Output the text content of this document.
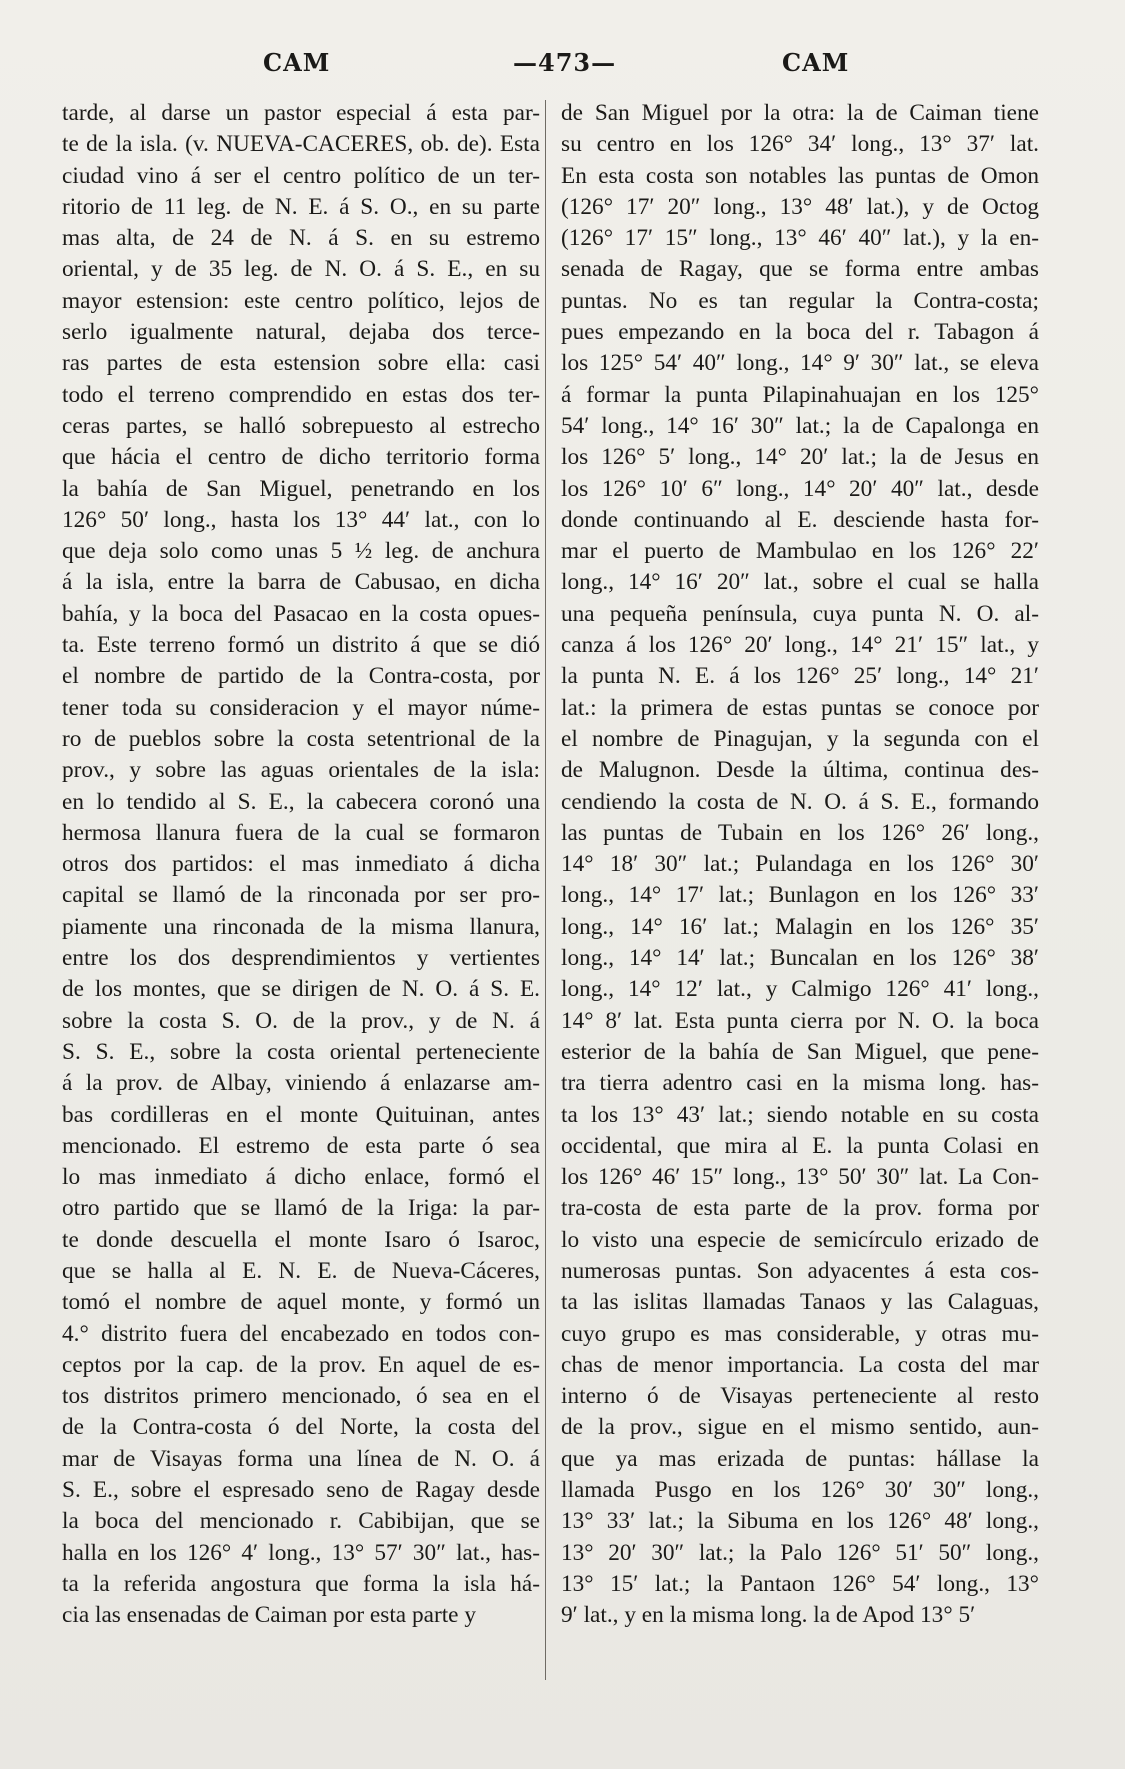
CAM	—473—	CAM
tarde, al darse un pastor especial á esta par-
te de la isla. (v. NUEVA-CACERES, ob. de). Esta
ciudad vino á ser el centro político de un ter-
ritorio de 11 leg. de N. E. á S. O., en su parte
mas alta, de 24 de N. á S. en su estremo
oriental, y de 35 leg. de N. O. á S. E., en su
mayor estension: este centro político, lejos de
serlo igualmente natural, dejaba dos terce-
ras partes de esta estension sobre ella: casi
todo el terreno comprendido en estas dos ter-
ceras partes, se halló sobrepuesto al estrecho
que hácia el centro de dicho territorio forma
la bahía de San Miguel, penetrando en los
126° 50′ long., hasta los 13° 44′ lat., con lo
que deja solo como unas 5 ½ leg. de anchura
á la isla, entre la barra de Cabusao, en dicha
bahía, y la boca del Pasacao en la costa opues-
ta. Este terreno formó un distrito á que se dió
el nombre de partido de la Contra-costa, por
tener toda su consideracion y el mayor núme-
ro de pueblos sobre la costa setentrional de la
prov., y sobre las aguas orientales de la isla:
en lo tendido al S. E., la cabecera coronó una
hermosa llanura fuera de la cual se formaron
otros dos partidos: el mas inmediato á dicha
capital se llamó de la rinconada por ser pro-
piamente una rinconada de la misma llanura,
entre los dos desprendimientos y vertientes
de los montes, que se dirigen de N. O. á S. E.
sobre la costa S. O. de la prov., y de N. á
S. S. E., sobre la costa oriental perteneciente
á la prov. de Albay, viniendo á enlazarse am-
bas cordilleras en el monte Quituinan, antes
mencionado. El estremo de esta parte ó sea
lo mas inmediato á dicho enlace, formó el
otro partido que se llamó de la Iriga: la par-
te donde descuella el monte Isaro ó Isaroc,
que se halla al E. N. E. de Nueva-Cáceres,
tomó el nombre de aquel monte, y formó un
4.° distrito fuera del encabezado en todos con-
ceptos por la cap. de la prov. En aquel de es-
tos distritos primero mencionado, ó sea en el
de la Contra-costa ó del Norte, la costa del
mar de Visayas forma una línea de N. O. á
S. E., sobre el espresado seno de Ragay desde
la boca del mencionado r. Cabibijan, que se
halla en los 126° 4′ long., 13° 57′ 30″ lat., has-
ta la referida angostura que forma la isla há-
cia las ensenadas de Caiman por esta parte y
de San Miguel por la otra: la de Caiman tiene
su centro en los 126° 34′ long., 13° 37′ lat.
En esta costa son notables las puntas de Omon
(126° 17′ 20″ long., 13° 48′ lat.), y de Octog
(126° 17′ 15″ long., 13° 46′ 40″ lat.), y la en-
senada de Ragay, que se forma entre ambas
puntas. No es tan regular la Contra-costa;
pues empezando en la boca del r. Tabagon á
los 125° 54′ 40″ long., 14° 9′ 30″ lat., se eleva
á formar la punta Pilapinahuajan en los 125°
54′ long., 14° 16′ 30″ lat.; la de Capalonga en
los 126° 5′ long., 14° 20′ lat.; la de Jesus en
los 126° 10′ 6″ long., 14° 20′ 40″ lat., desde
donde continuando al E. desciende hasta for-
mar el puerto de Mambulao en los 126° 22′
long., 14° 16′ 20″ lat., sobre el cual se halla
una pequeña península, cuya punta N. O. al-
canza á los 126° 20′ long., 14° 21′ 15″ lat., y
la punta N. E. á los 126° 25′ long., 14° 21′
lat.: la primera de estas puntas se conoce por
el nombre de Pinagujan, y la segunda con el
de Malugnon. Desde la última, continua des-
cendiendo la costa de N. O. á S. E., formando
las puntas de Tubain en los 126° 26′ long.,
14° 18′ 30″ lat.; Pulandaga en los 126° 30′
long., 14° 17′ lat.; Bunlagon en los 126° 33′
long., 14° 16′ lat.; Malagin en los 126° 35′
long., 14° 14′ lat.; Buncalan en los 126° 38′
long., 14° 12′ lat., y Calmigo 126° 41′ long.,
14° 8′ lat. Esta punta cierra por N. O. la boca
esterior de la bahía de San Miguel, que pene-
tra tierra adentro casi en la misma long. has-
ta los 13° 43′ lat.; siendo notable en su costa
occidental, que mira al E. la punta Colasi en
los 126° 46′ 15″ long., 13° 50′ 30″ lat. La Con-
tra-costa de esta parte de la prov. forma por
lo visto una especie de semicírculo erizado de
numerosas puntas. Son adyacentes á esta cos-
ta las islitas llamadas Tanaos y las Calaguas,
cuyo grupo es mas considerable, y otras mu-
chas de menor importancia. La costa del mar
interno ó de Visayas perteneciente al resto
de la prov., sigue en el mismo sentido, aun-
que ya mas erizada de puntas: hállase la
llamada Pusgo en los 126° 30′ 30″ long.,
13° 33′ lat.; la Sibuma en los 126° 48′ long.,
13° 20′ 30″ lat.; la Palo 126° 51′ 50″ long.,
13° 15′ lat.; la Pantaon 126° 54′ long., 13°
9′ lat., y en la misma long. la de Apod 13° 5′
